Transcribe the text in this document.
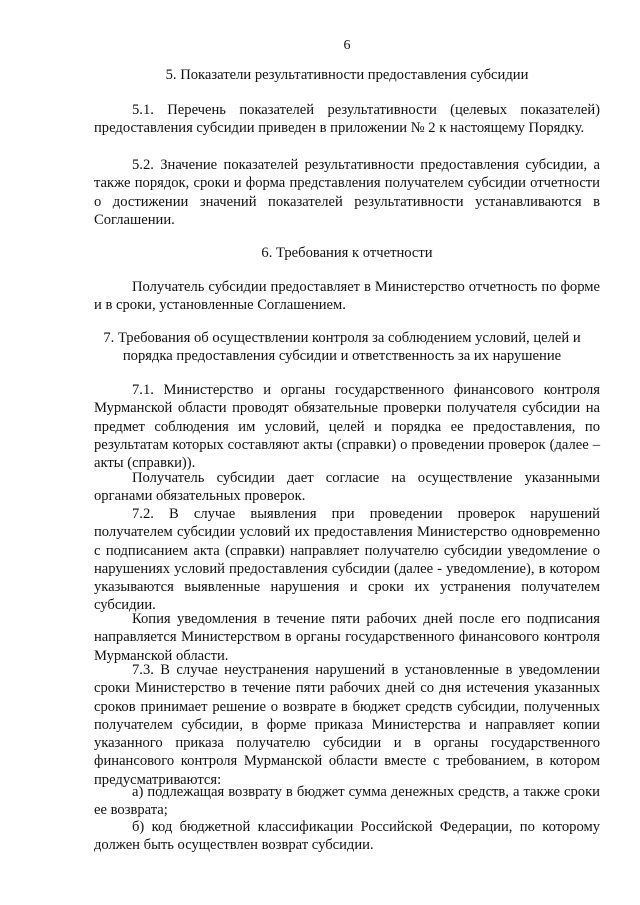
6
5. Показатели результативности предоставления субсидии

5.1. Перечень показателей результативности (целевых показателей) предоставления субсидии приведен в приложении № 2 к настоящему Порядку.

5.2. Значение показателей результативности предоставления субсидии, а также порядок, сроки и форма представления получателем субсидии отчетности о достижении значений показателей результативности устанавливаются в Соглашении.

6. Требования к отчетности

Получатель субсидии предоставляет в Министерство отчетность по форме и в сроки, установленные Соглашением.

7. Требования об осуществлении контроля за соблюдением условий, целей и порядка предоставления субсидии и ответственность за их нарушение

7.1. Министерство и органы государственного финансового контроля Мурманской области проводят обязательные проверки получателя субсидии на предмет соблюдения им условий, целей и порядка ее предоставления, по результатам которых составляют акты (справки) о проведении проверок (далее – акты (справки)).

Получатель субсидии дает согласие на осуществление указанными органами обязательных проверок.

7.2. В случае выявления при проведении проверок нарушений получателем субсидии условий их предоставления Министерство одновременно с подписанием акта (справки) направляет получателю субсидии уведомление о нарушениях условий предоставления субсидии (далее - уведомление), в котором указываются выявленные нарушения и сроки их устранения получателем субсидии.

Копия уведомления в течение пяти рабочих дней после его подписания направляется Министерством в органы государственного финансового контроля Мурманской области.

7.3. В случае неустранения нарушений в установленные в уведомлении сроки Министерство в течение пяти рабочих дней со дня истечения указанных сроков принимает решение о возврате в бюджет средств субсидии, полученных получателем субсидии, в форме приказа Министерства и направляет копии указанного приказа получателю субсидии и в органы государственного финансового контроля Мурманской области вместе с требованием, в котором предусматриваются:

а) подлежащая возврату в бюджет сумма денежных средств, а также сроки ее возврата;

б) код бюджетной классификации Российской Федерации, по которому должен быть осуществлен возврат субсидии.
